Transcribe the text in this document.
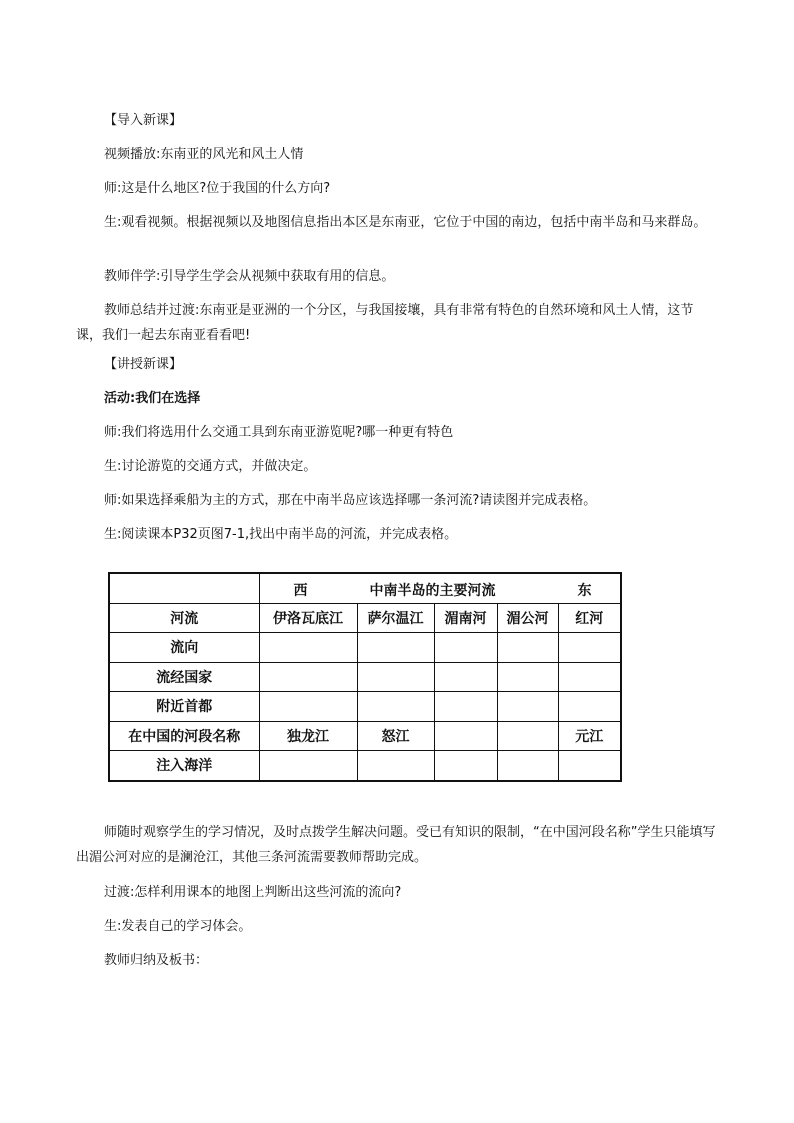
【导入新课】

视频播放:东南亚的风光和风土人情

师:这是什么地区?位于我国的什么方向?

生:观看视频。根据视频以及地图信息指出本区是东南亚，它位于中国的南边，包括中南半岛和马来群岛。

教师伴学:引导学生学会从视频中获取有用的信息。

教师总结并过渡:东南亚是亚洲的一个分区，与我国接壤，具有非常有特色的自然环境和风土人情，这节课，我们一起去东南亚看看吧!

【讲授新课】

活动:我们在选择

师:我们将选用什么交通工具到东南亚游览呢?哪一种更有特色

生:讨论游览的交通方式，并做决定。

师:如果选择乘船为主的方式，那在中南半岛应该选择哪一条河流?请读图并完成表格。

生:阅读课本P32页图7-1,找出中南半岛的河流，并完成表格。

	西 中南半岛的主要河流 东				

河流	伊洛瓦底江	萨尔温江	湄南河	湄公河	红河
流向					
流经国家					
附近首都					
在中国的河段名称	独龙江	怒江			元江
注入海洋					

师随时观察学生的学习情况，及时点拨学生解决问题。受已有知识的限制，“在中国河段名称”学生只能填写出湄公河对应的是澜沧江，其他三条河流需要教师帮助完成。

过渡:怎样利用课本的地图上判断出这些河流的流向?

生:发表自己的学习体会。

教师归纳及板书：
